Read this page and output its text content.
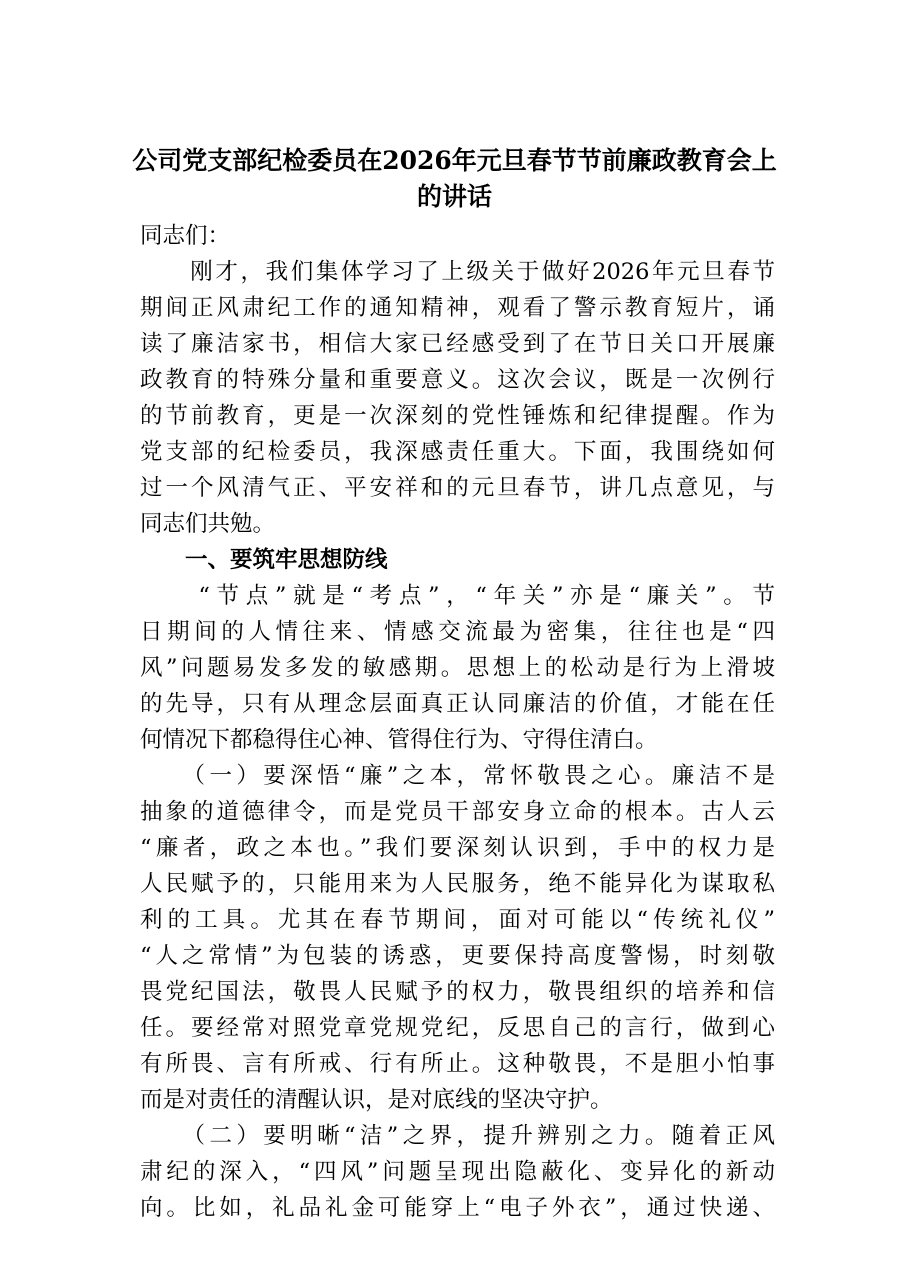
公司党支部纪检委员在2026年元旦春节节前廉政教育会上
的讲话
同志们：
　　刚才，我们集体学习了上级关于做好2026年元旦春节
期间正风肃纪工作的通知精神，观看了警示教育短片，诵
读了廉洁家书，相信大家已经感受到了在节日关口开展廉
政教育的特殊分量和重要意义。这次会议，既是一次例行
的节前教育，更是一次深刻的党性锤炼和纪律提醒。作为
党支部的纪检委员，我深感责任重大。下面，我围绕如何
过一个风清气正、平安祥和的元旦春节，讲几点意见，与
同志们共勉。
　　一、要筑牢思想防线
　　“节点”就是“考点”，“年关”亦是“廉关”。节
日期间的人情往来、情感交流最为密集，往往也是“四
风”问题易发多发的敏感期。思想上的松动是行为上滑坡
的先导，只有从理念层面真正认同廉洁的价值，才能在任
何情况下都稳得住心神、管得住行为、守得住清白。
　　（一）要深悟“廉”之本，常怀敬畏之心。廉洁不是
抽象的道德律令，而是党员干部安身立命的根本。古人云
“廉者，政之本也。”我们要深刻认识到，手中的权力是
人民赋予的，只能用来为人民服务，绝不能异化为谋取私
利的工具。尤其在春节期间，面对可能以“传统礼仪”
“人之常情”为包装的诱惑，更要保持高度警惕，时刻敬
畏党纪国法，敬畏人民赋予的权力，敬畏组织的培养和信
任。要经常对照党章党规党纪，反思自己的言行，做到心
有所畏、言有所戒、行有所止。这种敬畏，不是胆小怕事
而是对责任的清醒认识，是对底线的坚决守护。
　　（二）要明晰“洁”之界，提升辨别之力。随着正风
肃纪的深入，“四风”问题呈现出隐蔽化、变异化的新动
向。比如，礼品礼金可能穿上“电子外衣”，通过快递、
